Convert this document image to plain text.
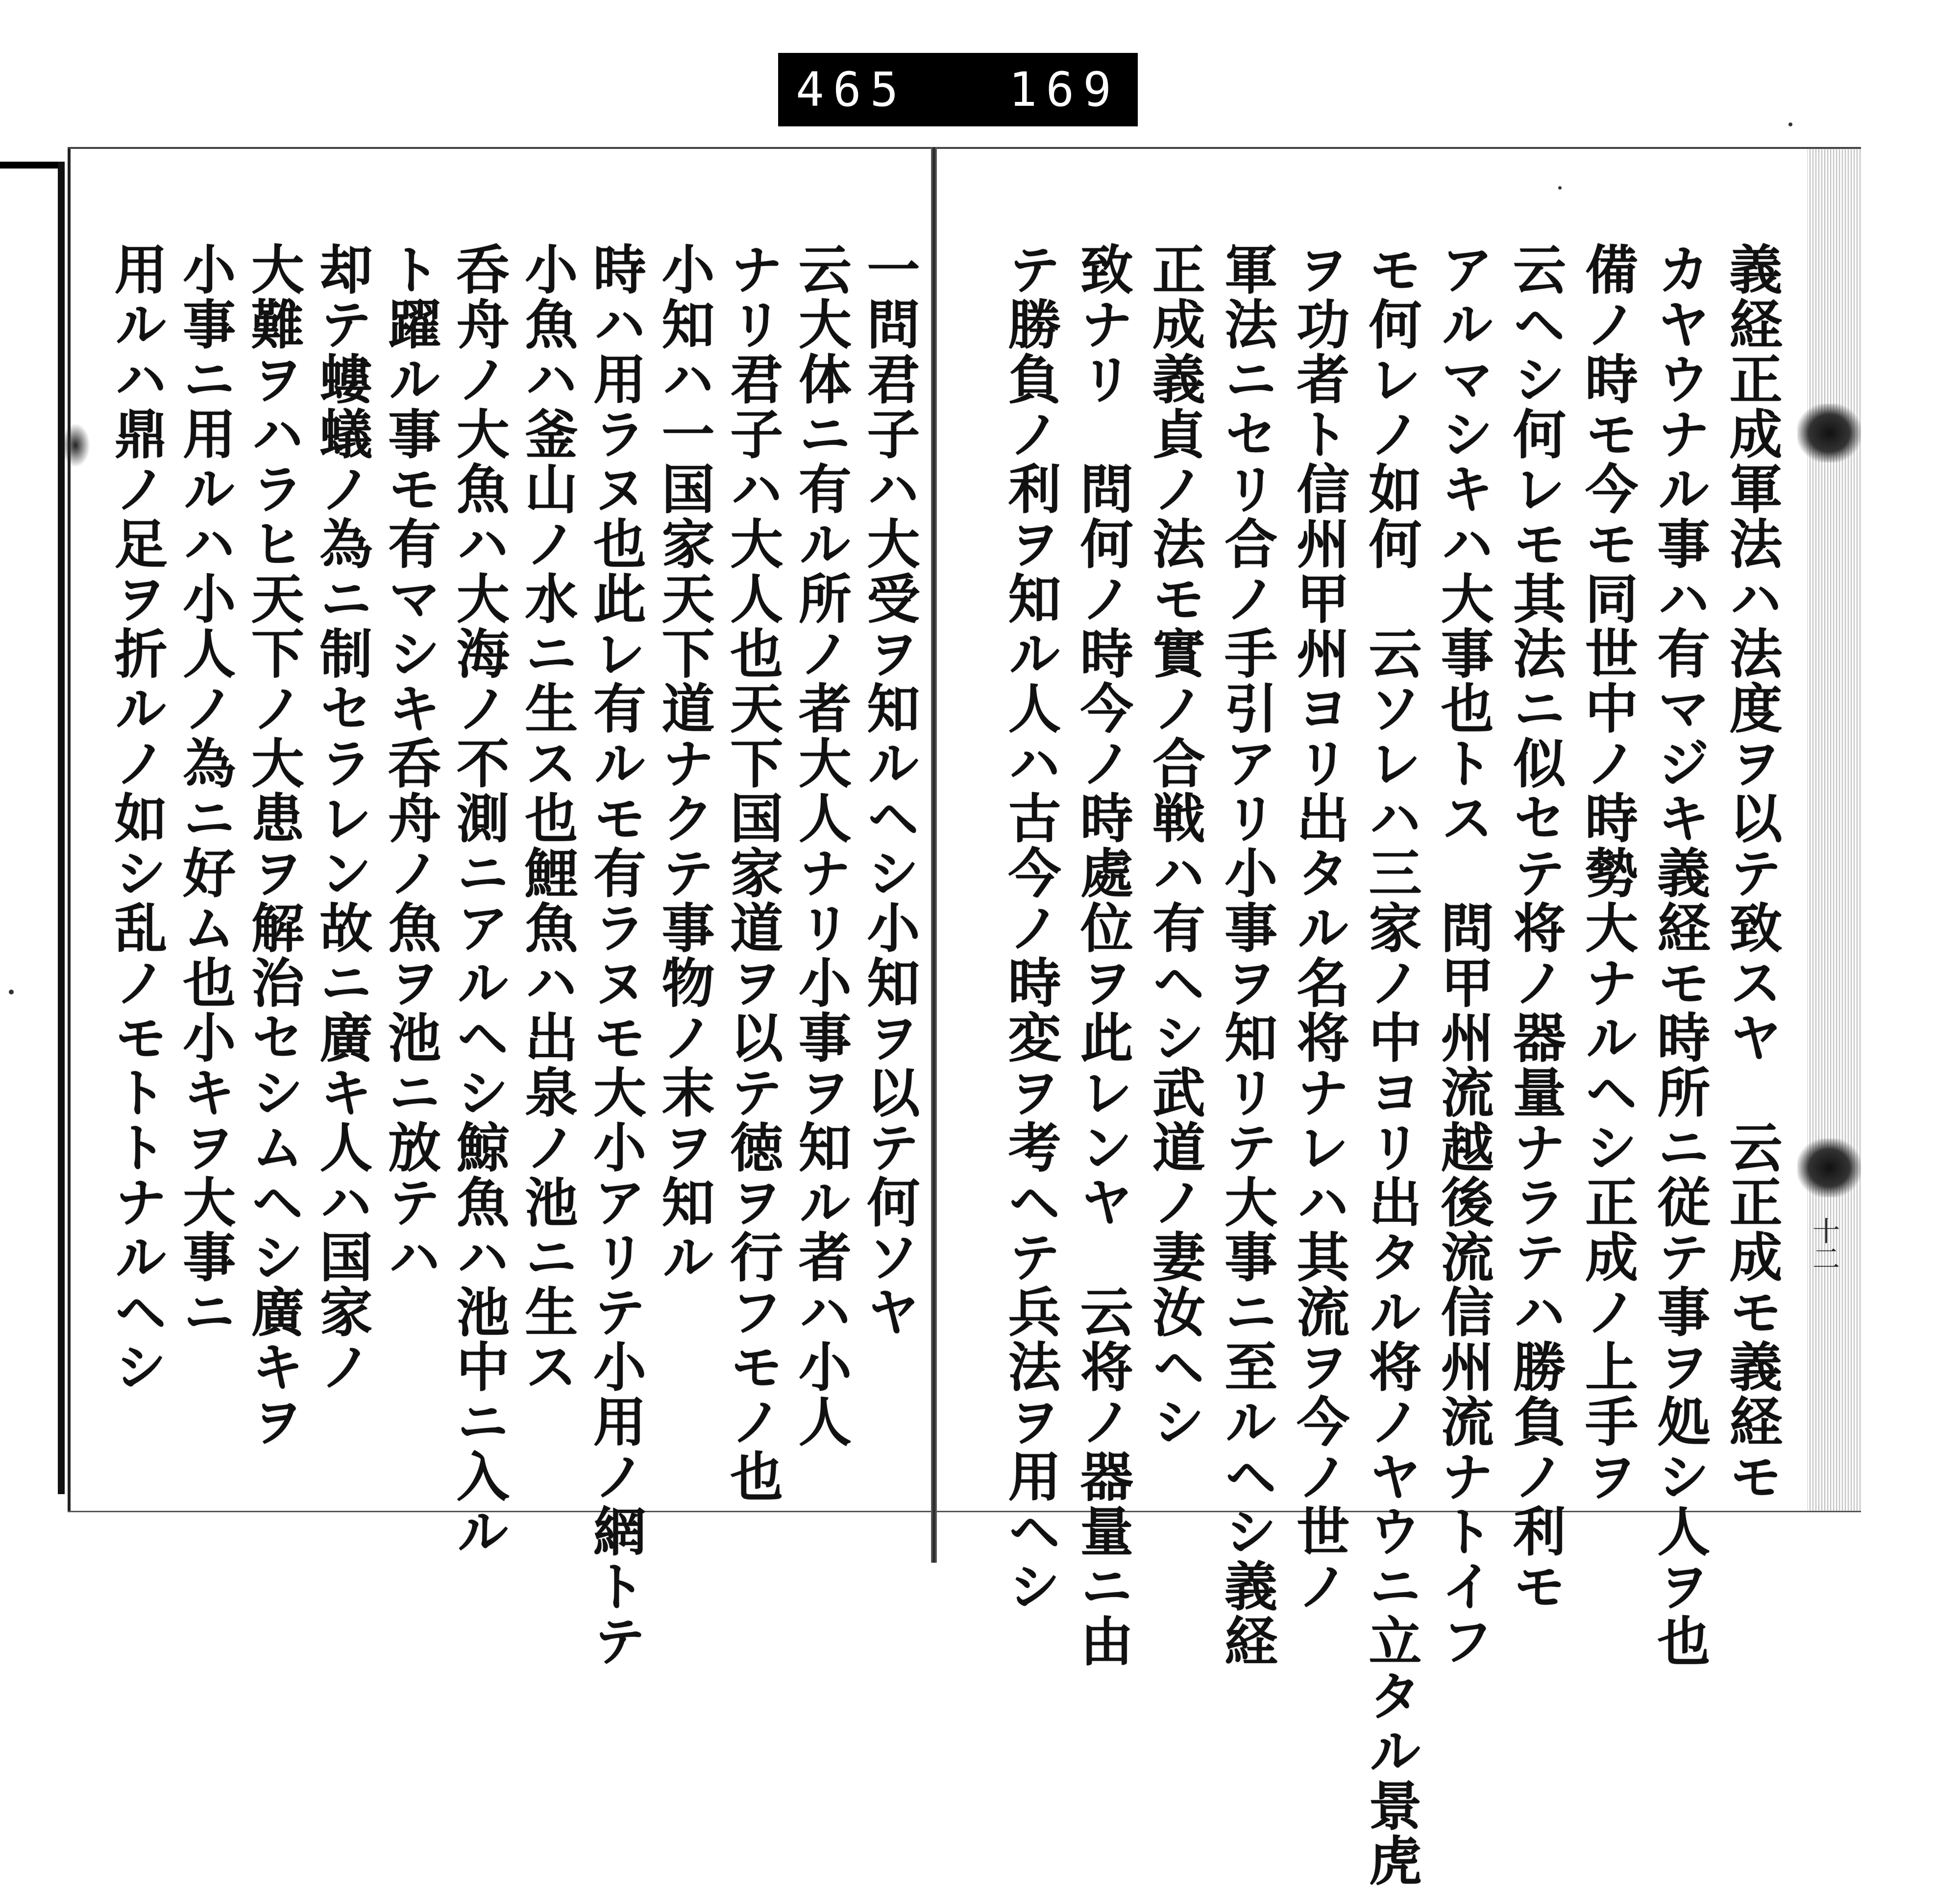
465 169
一問君子ハ大受ヲ知ルヘシ小知ヲ以テ何ソヤ
云大体ニ有ル所ノ者大人ナリ小事ヲ知ル者ハ小人
ナリ君子ハ大人也天下国家道ヲ以テ徳ヲ行フモノ也
小知ハ一国家天下道ナクテ事物ノ末ヲ知ル
時ハ用ラヌ也此レ有ルモ有ラヌモ大小アリテ小用ノ網トテ
小魚ハ釜山ノ水ニ生ス也鯉魚ハ出泉ノ池ニ生ス
呑舟ノ大魚ハ大海ノ不測ニアルヘシ鯨魚ハ池中ニ入ル
ト躍ル事モ有マシキ呑舟ノ魚ヲ池ニ放テハ
却テ螻蟻ノ為ニ制セラレン故ニ廣キ人ハ国家ノ
大難ヲハラヒ天下ノ大患ヲ解治セシムヘシ廣キヲ
小事ニ用ルハ小人ノ為ニ好ム也小キヲ大事ニ
用ルハ鼎ノ足ヲ折ルノ如シ乱ノモトトナルヘシ	十二
義経正成軍法ハ法度ヲ以テ致スヤ　云正成モ義経モ
カヤウナル事ハ有マジキ義経モ時所ニ従テ事ヲ処シ人ヲ也
備ノ時モ今モ同世中ノ時勢大ナルヘシ正成ノ上手ヲ
云ヘシ何レモ其法ニ似セテ将ノ器量ナラテハ勝負ノ利モ
アルマシキハ大事也トス　問甲州流越後流信州流ナトイフ
モ何レノ如何　云ソレハ三家ノ中ヨリ出タル将ノヤウニ立タル景虎
ヲ功者ト信州甲州ヨリ出タル名将ナレハ其流ヲ今ノ世ノ
軍法ニセリ合ノ手引アリ小事ヲ知リテ大事ニ至ルヘシ義経
正成義貞ノ法モ實ノ合戦ハ有ヘシ武道ノ妻汝ヘシ
致ナリ　問何ノ時今ノ時處位ヲ此レンヤ　云将ノ器量ニ由
テ勝負ノ利ヲ知ル人ハ古今ノ時変ヲ考ヘテ兵法ヲ用ヘシ
